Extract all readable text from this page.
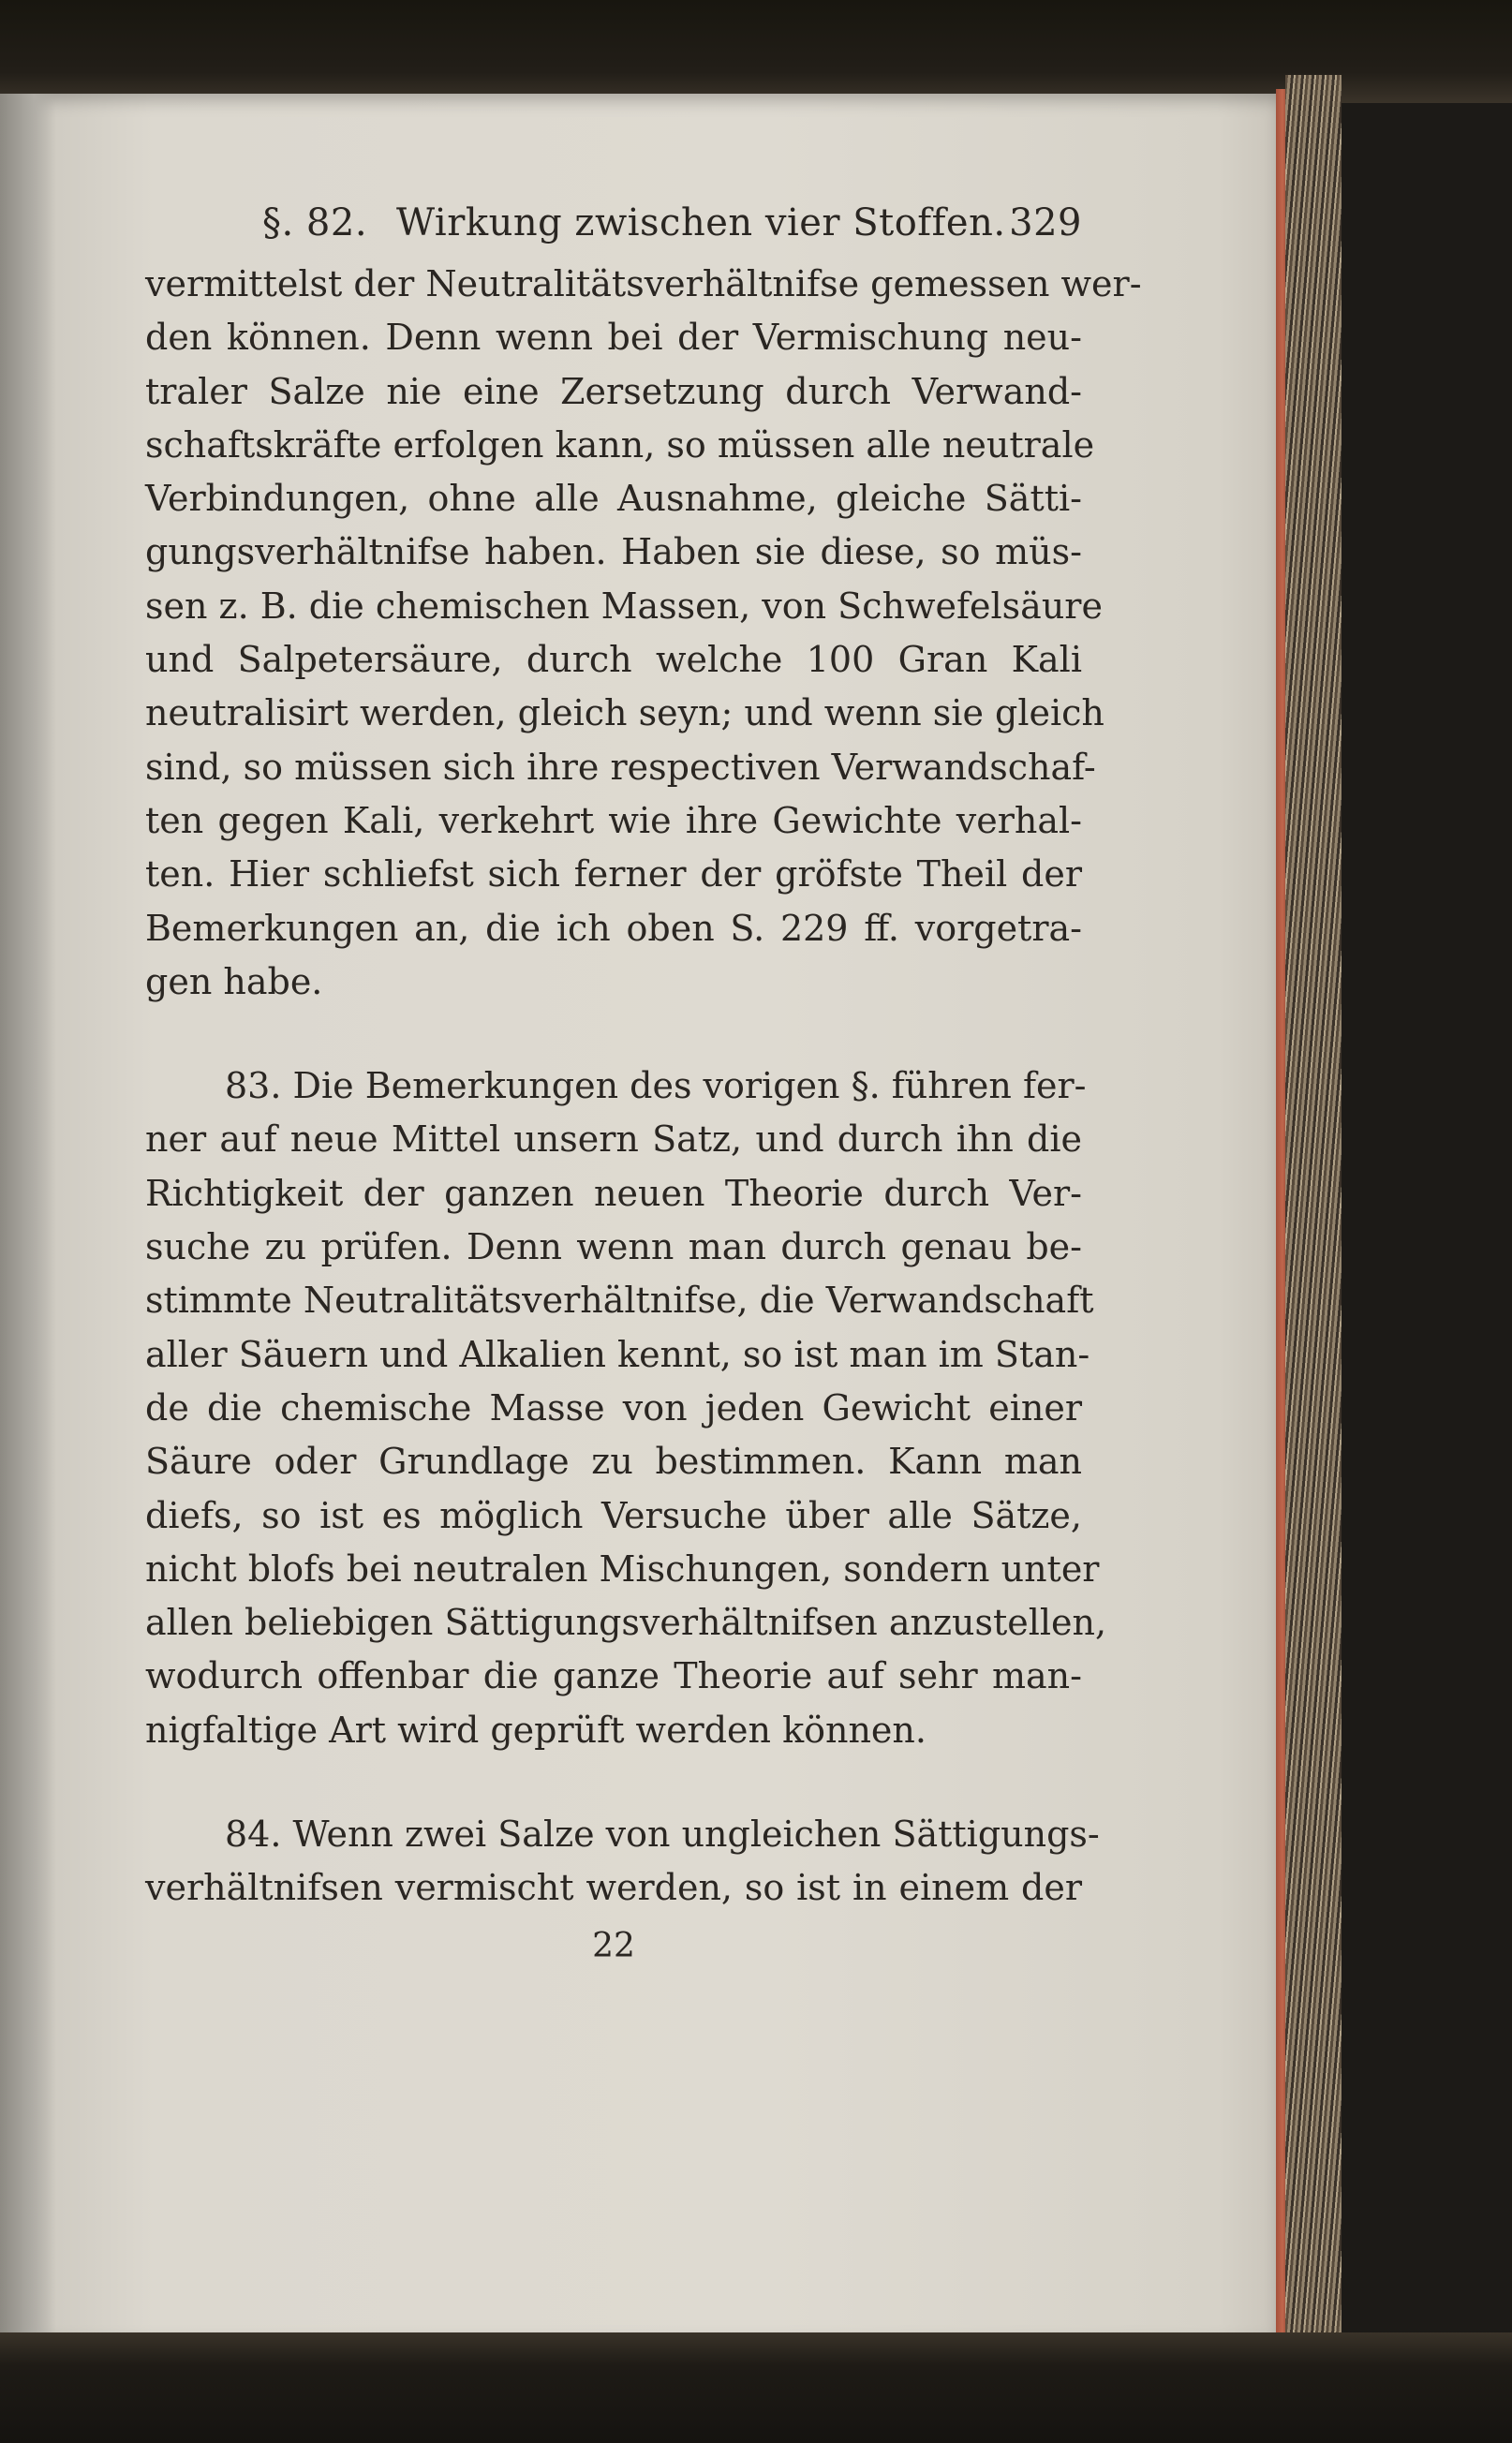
§. 82. Wirkung zwischen vier Stoffen. 329
vermittelst der Neutralitätsverhältnifse gemessen wer-
den können. Denn wenn bei der Vermischung neu-
traler Salze nie eine Zersetzung durch Verwand-
schaftskräfte erfolgen kann, so müssen alle neutrale
Verbindungen, ohne alle Ausnahme, gleiche Sätti-
gungsverhältnifse haben. Haben sie diese, so müs-
sen z. B. die chemischen Massen, von Schwefelsäure
und Salpetersäure, durch welche 100 Gran Kali
neutralisirt werden, gleich seyn; und wenn sie gleich
sind, so müssen sich ihre respectiven Verwandschaf-
ten gegen Kali, verkehrt wie ihre Gewichte verhal-
ten. Hier schliefst sich ferner der gröfste Theil der
Bemerkungen an, die ich oben S. 229 ff. vorgetra-
gen habe.
83. Die Bemerkungen des vorigen §. führen fer-
ner auf neue Mittel unsern Satz, und durch ihn die
Richtigkeit der ganzen neuen Theorie durch Ver-
suche zu prüfen. Denn wenn man durch genau be-
stimmte Neutralitätsverhältnifse, die Verwandschaft
aller Säuern und Alkalien kennt, so ist man im Stan-
de die chemische Masse von jeden Gewicht einer
Säure oder Grundlage zu bestimmen. Kann man
diefs, so ist es möglich Versuche über alle Sätze,
nicht blofs bei neutralen Mischungen, sondern unter
allen beliebigen Sättigungsverhältnifsen anzustellen,
wodurch offenbar die ganze Theorie auf sehr man-
nigfaltige Art wird geprüft werden können.
84. Wenn zwei Salze von ungleichen Sättigungs-
verhältnifsen vermischt werden, so ist in einem der
22
